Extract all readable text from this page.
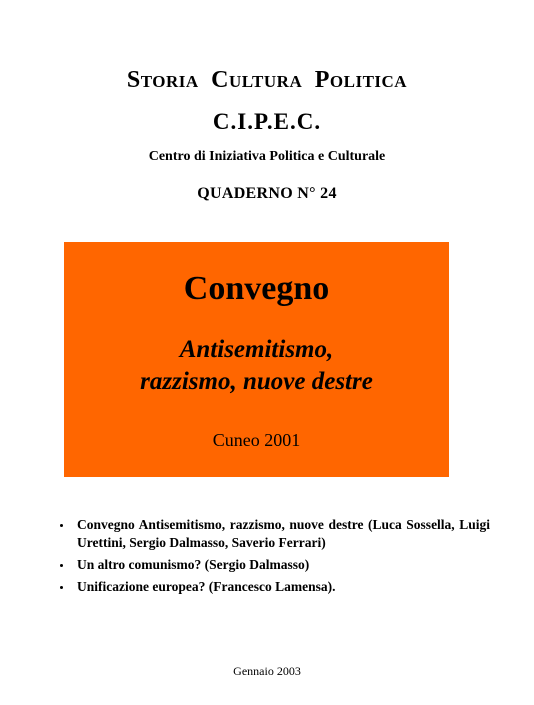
Storia Cultura Politica
C.I.P.E.C.
Centro di Iniziativa Politica e Culturale
QUADERNO N° 24
Convegno
Antisemitismo,
razzismo, nuove destre
Cuneo 2001
Convegno Antisemitismo, razzismo, nuove destre (Luca Sossella, Luigi Urettini, Sergio Dalmasso, Saverio Ferrari)
Un altro comunismo? (Sergio Dalmasso)
Unificazione europea? (Francesco Lamensa).
Gennaio 2003
